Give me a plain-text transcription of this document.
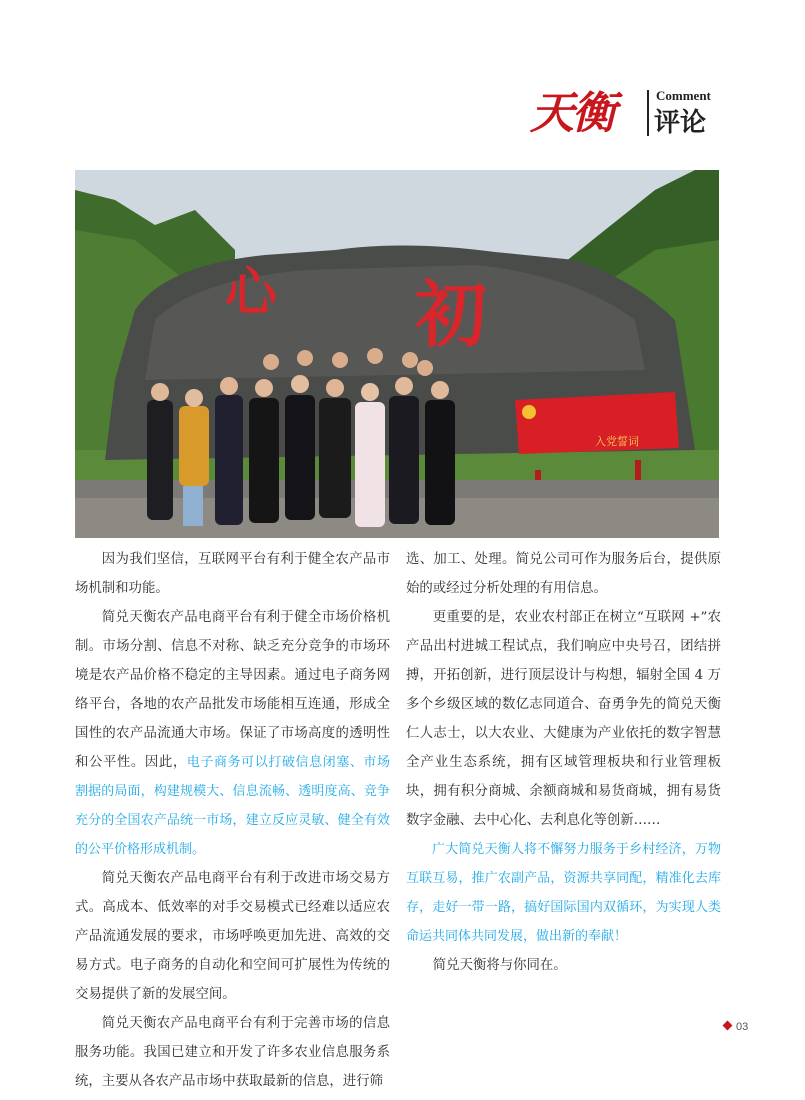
天衡	Comment
评论
心 初
入党誓词

因为我们坚信，互联网平台有利于健全农产品市场机制和功能。

简兑天衡农产品电商平台有利于健全市场价格机制。市场分割、信息不对称、缺乏充分竞争的市场环境是农产品价格不稳定的主导因素。通过电子商务网络平台，各地的农产品批发市场能相互连通，形成全国性的农产品流通大市场。保证了市场高度的透明性和公平性。因此，电子商务可以打破信息闭塞、市场割据的局面，构建规模大、信息流畅、透明度高、竞争充分的全国农产品统一市场，建立反应灵敏、健全有效的公平价格形成机制。

简兑天衡农产品电商平台有利于改进市场交易方式。高成本、低效率的对手交易模式已经难以适应农产品流通发展的要求，市场呼唤更加先进、高效的交易方式。电子商务的自动化和空间可扩展性为传统的交易提供了新的发展空间。

简兑天衡农产品电商平台有利于完善市场的信息服务功能。我国已建立和开发了许多农业信息服务系统，主要从各农产品市场中获取最新的信息，进行筛

选、加工、处理。简兑公司可作为服务后台，提供原始的或经过分析处理的有用信息。

更重要的是，农业农村部正在树立“互联网 +”农产品出村进城工程试点，我们响应中央号召，团结拼搏，开拓创新，进行顶层设计与构想，辐射全国 4 万多个乡级区域的数亿志同道合、奋勇争先的简兑天衡仁人志士，以大农业、大健康为产业依托的数字智慧全产业生态系统，拥有区域管理板块和行业管理板块，拥有积分商城、余额商城和易货商城，拥有易货数字金融、去中心化、去利息化等创新……

广大简兑天衡人将不懈努力服务于乡村经济，万物互联互易，推广农副产品，资源共享同配，精准化去库存，走好一带一路，搞好国际国内双循环，为实现人类命运共同体共同发展，做出新的奉献！

简兑天衡将与你同在。

03
